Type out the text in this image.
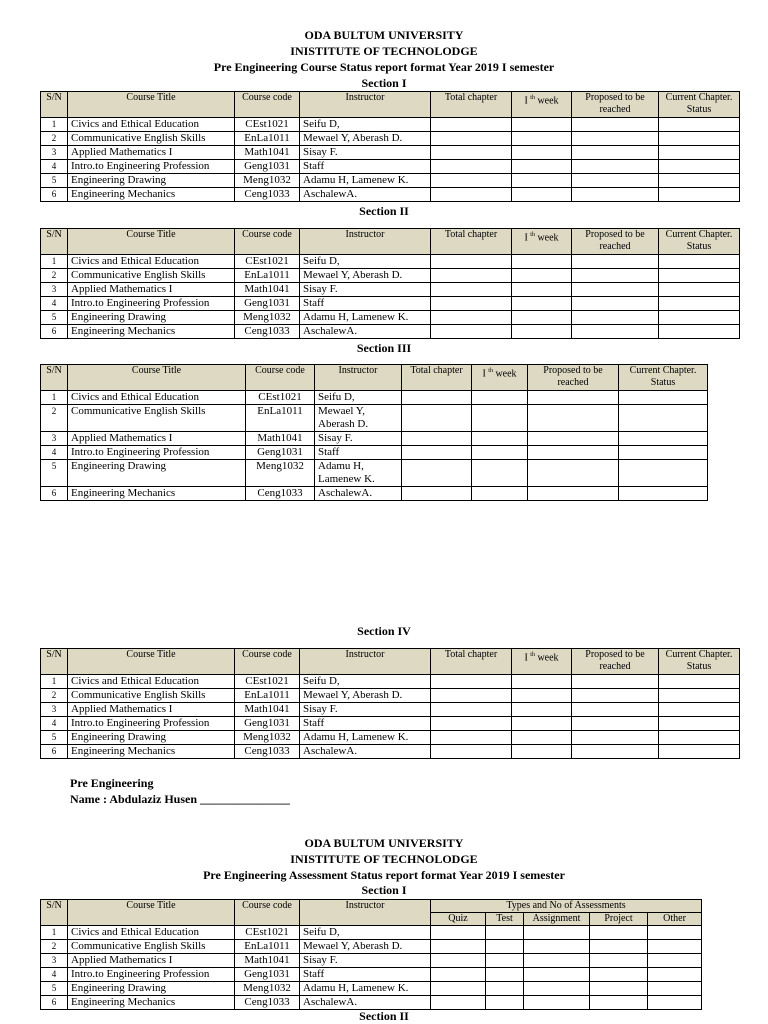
ODA BULTUM UNIVERSITY
INISTITUTE OF TECHNOLODGE
Pre Engineering Course Status report format Year 2019 I semester
Section I
S/N	Course Title	Course code	Instructor	Total chapter	I $^{th}$ week	Proposed to be reached	Current Chapter. Status
1	Civics and Ethical Education	CEst1021	Seifu D,				
2	Communicative English Skills	EnLa1011	Mewael Y, Aberash D.				
3	Applied Mathematics I	Math1041	Sisay F.				
4	Intro.to Engineering Profession	Geng1031	Staff				
5	Engineering Drawing	Meng1032	Adamu H, Lamenew K.				
6	Engineering Mechanics	Ceng1033	AschalewA.				
Section II
S/N	Course Title	Course code	Instructor	Total chapter	I $^{th}$ week	Proposed to be reached	Current Chapter. Status
1	Civics and Ethical Education	CEst1021	Seifu D,				
2	Communicative English Skills	EnLa1011	Mewael Y, Aberash D.				
3	Applied Mathematics I	Math1041	Sisay F.				
4	Intro.to Engineering Profession	Geng1031	Staff				
5	Engineering Drawing	Meng1032	Adamu H, Lamenew K.				
6	Engineering Mechanics	Ceng1033	AschalewA.				
Section III
S/N	Course Title	Course code	Instructor	Total chapter	I $^{th}$ week	Proposed to be reached	Current Chapter. Status
1	Civics and Ethical Education	CEst1021	Seifu D,				
2	Communicative English Skills	EnLa1011	Mewael Y, Aberash D.				
3	Applied Mathematics I	Math1041	Sisay F.				
4	Intro.to Engineering Profession	Geng1031	Staff				
5	Engineering Drawing	Meng1032	Adamu H, Lamenew K.				
6	Engineering Mechanics	Ceng1033	AschalewA.				
Section IV
S/N	Course Title	Course code	Instructor	Total chapter	I $^{th}$ week	Proposed to be reached	Current Chapter. Status
1	Civics and Ethical Education	CEst1021	Seifu D,				
2	Communicative English Skills	EnLa1011	Mewael Y, Aberash D.				
3	Applied Mathematics I	Math1041	Sisay F.				
4	Intro.to Engineering Profession	Geng1031	Staff				
5	Engineering Drawing	Meng1032	Adamu H, Lamenew K.				
6	Engineering Mechanics	Ceng1033	AschalewA.				
Pre Engineering
Name : Abdulaziz Husen _______________
ODA BULTUM UNIVERSITY
INISTITUTE OF TECHNOLODGE
Pre Engineering Assessment Status report format Year 2019 I semester
Section I
S/N	Course Title	Course code	Instructor	Types and No of Assessments				
				Quiz	Test	Assignment	Project	Other
1	Civics and Ethical Education	CEst1021	Seifu D,					
2	Communicative English Skills	EnLa1011	Mewael Y, Aberash D.					
3	Applied Mathematics I	Math1041	Sisay F.					
4	Intro.to Engineering Profession	Geng1031	Staff					
5	Engineering Drawing	Meng1032	Adamu H, Lamenew K.					
6	Engineering Mechanics	Ceng1033	AschalewA.					
Section II
